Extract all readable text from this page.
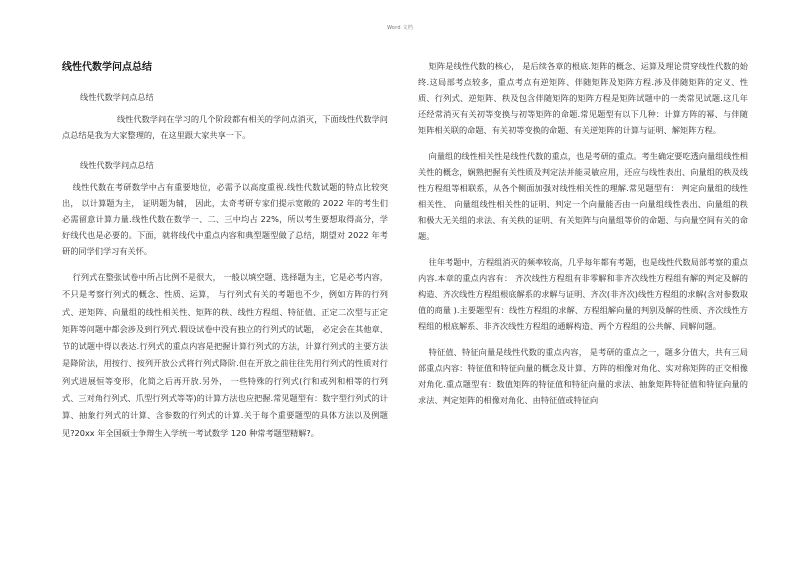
Word 文档
线性代数学问点总结

线性代数学问点总结

线性代数学问在学习的几个阶段都有相关的学问点消灭，下面线性代数学问点总结是我为大家整理的，在这里跟大家共享一下。

线性代数学问点总结

线性代数在考研数学中占有重要地位，必需予以高度重视.线性代数试题的特点比较突出， 以计算题为主， 证明题为辅， 因此，太奇考研专家们提示宽敞的 2022 年的考生们必需留意计算力量.线性代数在数学一、二、三中均占 22%，所以考生要想取得高分，学好线代也是必要的。下面，就将线代中重点内容和典型题型做了总结，期望对 2022 年考研的同学们学习有关怀。

行列式在整张试卷中所占比例不是很大， 一般以填空题、选择题为主，它是必考内容， 不只是考察行列式的概念、性质、运算， 与行列式有关的考题也不少，例如方阵的行列式、逆矩阵、向量组的线性相关性、矩阵的秩、线性方程组、特征值、正定二次型与正定矩阵等问题中都会涉及到行列式.假设试卷中没有独立的行列式的试题， 必定会在其他章、节的试题中得以表达.行列式的重点内容是把握计算行列式的方法，计算行列式的主要方法是降阶法，用按行、按列开放公式将行列式降阶.但在开放之前往往先用行列式的性质对行列式进展恒等变形，化简之后再开放.另外， 一些特殊的行列式(行和或列和相等的行列式、三对角行列式、爪型行列式等等)的计算方法也应把握.常见题型有：数字型行列式的计算、抽象行列式的计算、含参数的行列式的计算.关于每个重要题型的具体方法以及例题见?20xx 年全国硕士争辩生入学统一考试数学 120 种常考题型精解?。

矩阵是线性代数的核心， 是后续各章的根底.矩阵的概念、运算及理论贯穿线性代数的始终.这局部考点较多，重点考点有逆矩阵、伴随矩阵及矩阵方程.涉及伴随矩阵的定义、性质、行列式、逆矩阵、秩及包含伴随矩阵的矩阵方程是矩阵试题中的一类常见试题.这几年还经常消灭有关初等变换与初等矩阵的命题.常见题型有以下几种：计算方阵的幂、与伴随矩阵相关联的命题、有关初等变换的命题、有关逆矩阵的计算与证明、解矩阵方程。

向量组的线性相关性是线性代数的重点，也是考研的重点。考生确定要吃透向量组线性相关性的概念，娴熟把握有关性质及判定法并能灵敏应用，还应与线性表出、向量组的秩及线性方程组等相联系，从各个侧面加强对线性相关性的理解.常见题型有： 判定向量组的线性相关性、 向量组线性相关性的证明、判定一个向量能否由一向量组线性表出、向量组的秩和极大无关组的求法、有关秩的证明、有关矩阵与向量组等价的命题、与向量空间有关的命题。

往年考题中，方程组消灭的频率较高，几乎每年都有考题，也是线性代数局部考察的重点内容.本章的重点内容有： 齐次线性方程组有非零解和非齐次线性方程组有解的判定及解的构造、齐次线性方程组根底解系的求解与证明、齐次(非齐次)线性方程组的求解(含对参数取值的商量 ).主要题型有：线性方程组的求解、方程组解向量的判别及解的性质、齐次线性方程组的根底解系、非齐次线性方程组的通解构造、两个方程组的公共解、同解问题。

特征值、特征向量是线性代数的重点内容， 是考研的重点之一，题多分值大，共有三局部重点内容：特征值和特征向量的概念及计算、方阵的相像对角化、实对称矩阵的正交相像对角化.重点题型有：数值矩阵的特征值和特征向量的求法、抽象矩阵特征值和特征向量的求法、判定矩阵的相像对角化、由特征值或特征向
